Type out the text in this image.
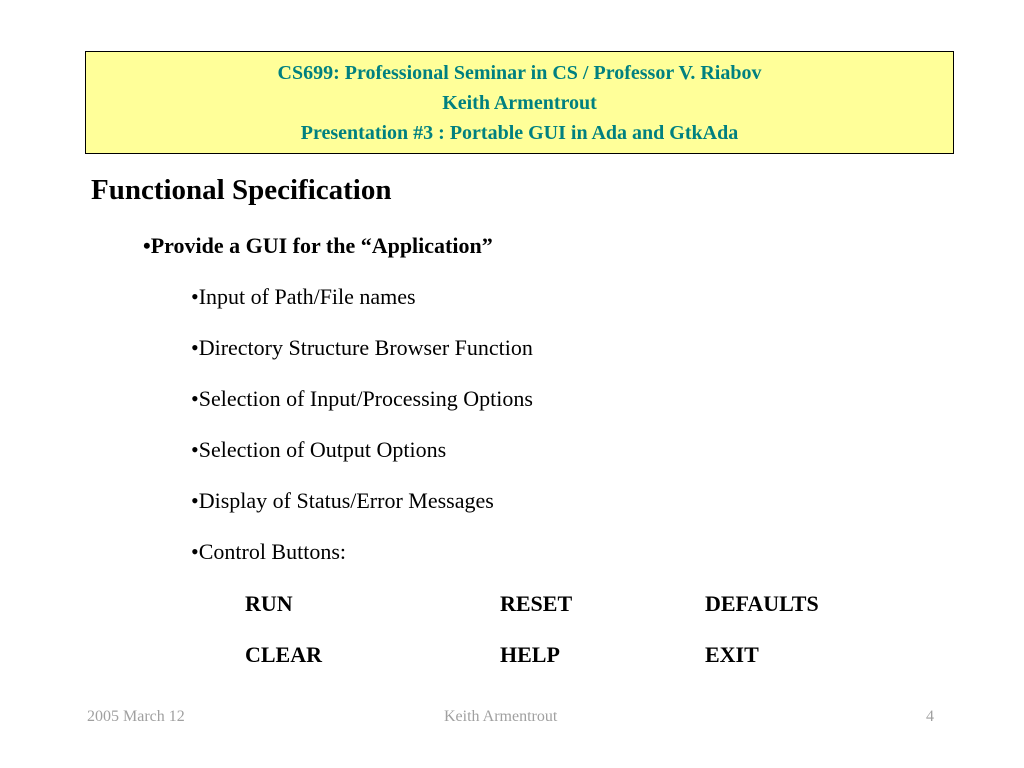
CS699: Professional Seminar in CS / Professor V. Riabov
Keith Armentrout
Presentation #3 : Portable GUI in Ada and GtkAda
Functional Specification
•Provide a GUI for the “Application”
•Input of Path/File names
•Directory Structure Browser Function
•Selection of Input/Processing Options
•Selection of Output Options
•Display of Status/Error Messages
•Control Buttons:
RUN	RESET	DEFAULTS
CLEAR	HELP	EXIT
2005 March 12	Keith Armentrout	4
